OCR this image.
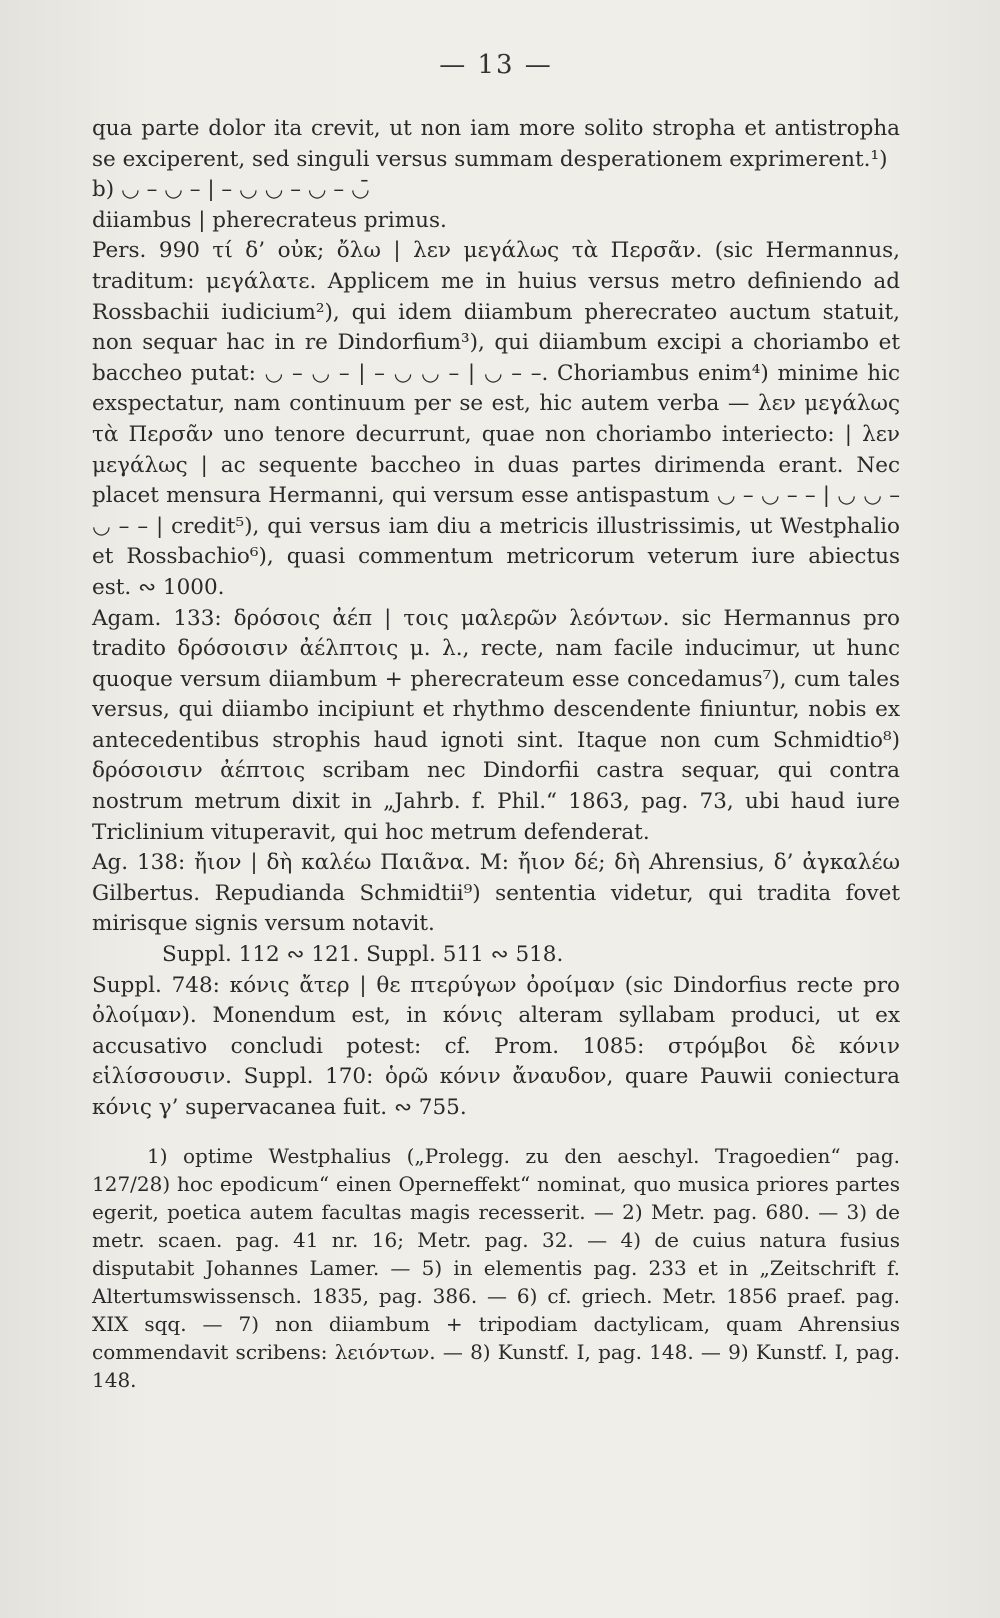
— 13 —

qua parte dolor ita crevit, ut non iam more solito stropha et antistropha se exciperent, sed singuli versus summam desperationem exprimerent.¹)

b) ◡ – ◡ – | – ◡ ◡ – ◡ – ◡̄

diiambus | pherecrateus primus.

Pers. 990 τί δ’ οὐκ; ὄλω | λεν μεγάλως τὰ Περσᾶν. (sic Hermannus, traditum: μεγάλατε. Applicem me in huius versus metro definiendo ad Rossbachii iudicium²), qui idem diiambum pherecrateo auctum statuit, non sequar hac in re Dindorfium³), qui diiambum excipi a choriambo et baccheo putat: ◡ – ◡ – | – ◡ ◡ – | ◡ – –. Choriambus enim⁴) minime hic exspectatur, nam continuum per se est, hic autem verba — λεν μεγάλως τὰ Περσᾶν uno tenore decurrunt, quae non choriambo interiecto: | λεν μεγάλως | ac sequente baccheo in duas partes dirimenda erant. Nec placet mensura Hermanni, qui versum esse antispastum ◡ – ◡ – – | ◡ ◡ – ◡ – – | credit⁵), qui versus iam diu a metricis illustrissimis, ut Westphalio et Rossbachio⁶), quasi commentum metricorum veterum iure abiectus est. ∾ 1000.

Agam. 133: δρόσοις ἀέπ | τοις μαλερῶν λεόντων. sic Hermannus pro tradito δρόσοισιν ἀέλπτοις μ. λ., recte, nam facile inducimur, ut hunc quoque versum diiambum + pherecrateum esse concedamus⁷), cum tales versus, qui diiambo incipiunt et rhythmo descendente finiuntur, nobis ex antecedentibus strophis haud ignoti sint. Itaque non cum Schmidtio⁸) δρόσοισιν ἀέπτοις scribam nec Dindorfii castra sequar, qui contra nostrum metrum dixit in „Jahrb. f. Phil.“ 1863, pag. 73, ubi haud iure Triclinium vituperavit, qui hoc metrum defenderat.

Ag. 138: ἤιον | δὴ καλέω Παιᾶνα. M: ἤιον δέ; δὴ Ahrensius, δ’ ἀγκαλέω Gilbertus. Repudianda Schmidtii⁹) sententia videtur, qui tradita fovet mirisque signis versum notavit.

Suppl. 112 ∾ 121. Suppl. 511 ∾ 518.

Suppl. 748: κόνις ἄτερ | θε πτερύγων ὀροίμαν (sic Dindorfius recte pro ὀλοίμαν). Monendum est, in κόνις alteram syllabam produci, ut ex accusativo concludi potest: cf. Prom. 1085: στρόμβοι δὲ κόνιν εἱλίσσουσιν. Suppl. 170: ὁρῶ κόνιν ἄναυδον, quare Pauwii coniectura κόνις γ’ supervacanea fuit. ∾ 755.

1) optime Westphalius („Prolegg. zu den aeschyl. Tragoedien“ pag. 127/28) hoc epodicum“ einen Operneffekt“ nominat, quo musica priores partes egerit, poetica autem facultas magis recesserit. — 2) Metr. pag. 680. — 3) de metr. scaen. pag. 41 nr. 16; Metr. pag. 32. — 4) de cuius natura fusius disputabit Johannes Lamer. — 5) in elementis pag. 233 et in „Zeitschrift f. Altertumswissensch. 1835, pag. 386. — 6) cf. griech. Metr. 1856 praef. pag. XIX sqq. — 7) non diiambum + tripodiam dactylicam, quam Ahrensius commendavit scribens: λειόντων. — 8) Kunstf. I, pag. 148. — 9) Kunstf. I, pag. 148.
